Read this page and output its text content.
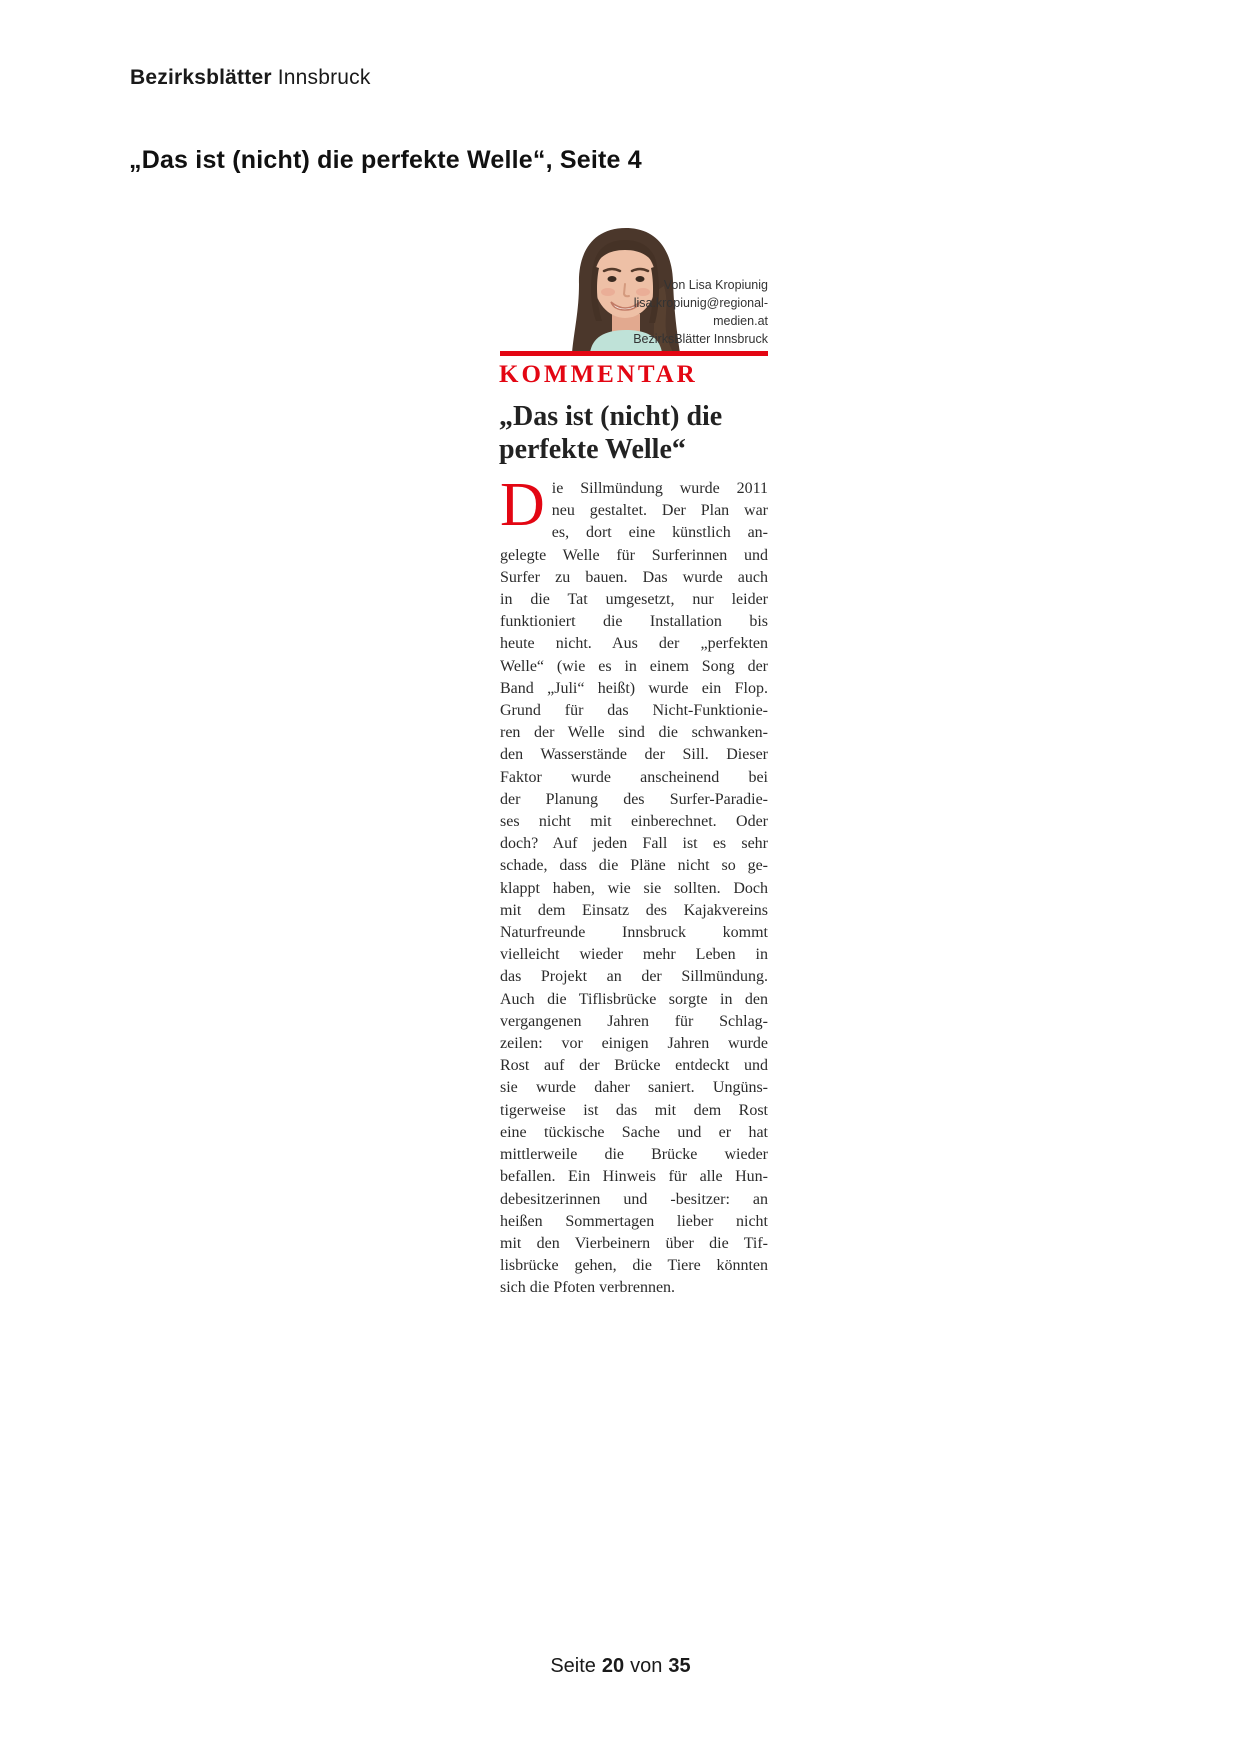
Bezirksblätter Innsbruck
„Das ist (nicht) die perfekte Welle“, Seite 4
Von Lisa Kropiunig
lisa.kropiunig@regional-
medien.at
BezirksBlätter Innsbruck
KOMMENTAR
„Das ist (nicht) die
perfekte Welle“
D ie Sillmündung wurde 2011
neu gestaltet. Der Plan war
es, dort eine künstlich an-
gelegte Welle für Surferinnen und
Surfer zu bauen. Das wurde auch
in die Tat umgesetzt, nur leider
funktioniert die Installation bis
heute nicht. Aus der „perfekten
Welle“ (wie es in einem Song der
Band „Juli“ heißt) wurde ein Flop.
Grund für das Nicht-Funktionie-
ren der Welle sind die schwanken-
den Wasserstände der Sill. Dieser
Faktor wurde anscheinend bei
der Planung des Surfer-Paradie-
ses nicht mit einberechnet. Oder
doch? Auf jeden Fall ist es sehr
schade, dass die Pläne nicht so ge-
klappt haben, wie sie sollten. Doch
mit dem Einsatz des Kajakvereins
Naturfreunde Innsbruck kommt
vielleicht wieder mehr Leben in
das Projekt an der Sillmündung.
Auch die Tiflisbrücke sorgte in den
vergangenen Jahren für Schlag-
zeilen: vor einigen Jahren wurde
Rost auf der Brücke entdeckt und
sie wurde daher saniert. Ungüns-
tigerweise ist das mit dem Rost
eine tückische Sache und er hat
mittlerweile die Brücke wieder
befallen. Ein Hinweis für alle Hun-
debesitzerinnen und -besitzer: an
heißen Sommertagen lieber nicht
mit den Vierbeinern über die Tif-
lisbrücke gehen, die Tiere könnten
sich die Pfoten verbrennen.
Seite 20 von 35
